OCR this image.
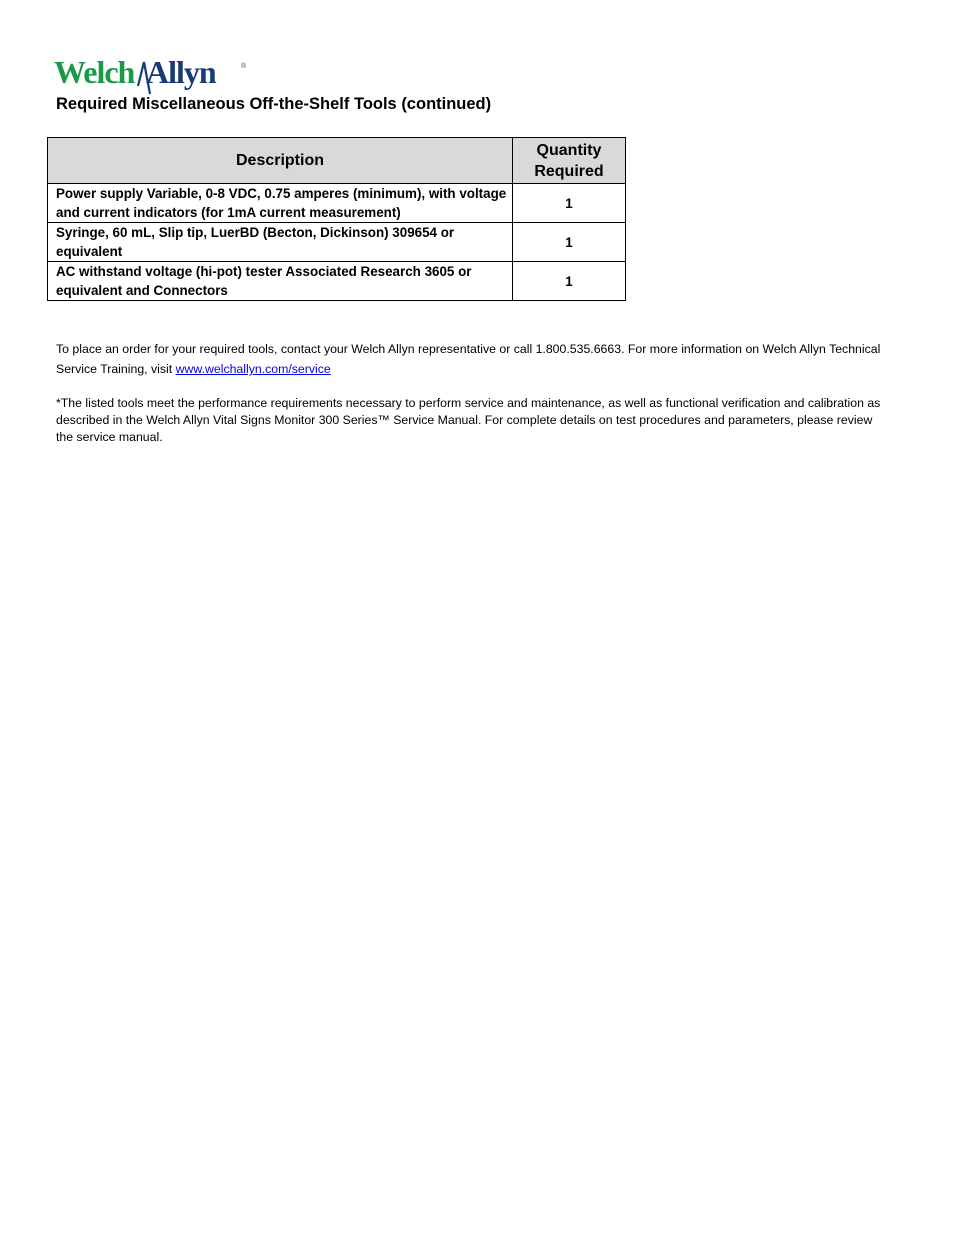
Welch Allyn	®
Required Miscellaneous Off-the-Shelf Tools (continued)
Description	Quantity
Required
Power supply Variable, 0-8 VDC, 0.75 amperes (minimum), with voltage and current indicators (for 1mA current measurement)	1
Syringe, 60 mL, Slip tip, LuerBD (Becton, Dickinson) 309654 or equivalent	1
AC withstand voltage (hi-pot) tester Associated Research 3605 or equivalent and Connectors	1
To place an order for your required tools, contact your Welch Allyn representative or call 1.800.535.6663. For more information on Welch Allyn Technical Service Training, visit www.welchallyn.com/service
*The listed tools meet the performance requirements necessary to perform service and maintenance, as well as functional verification and calibration as described in the Welch Allyn Vital Signs Monitor 300 Series™ Service Manual. For complete details on test procedures and parameters, please review the service manual.
